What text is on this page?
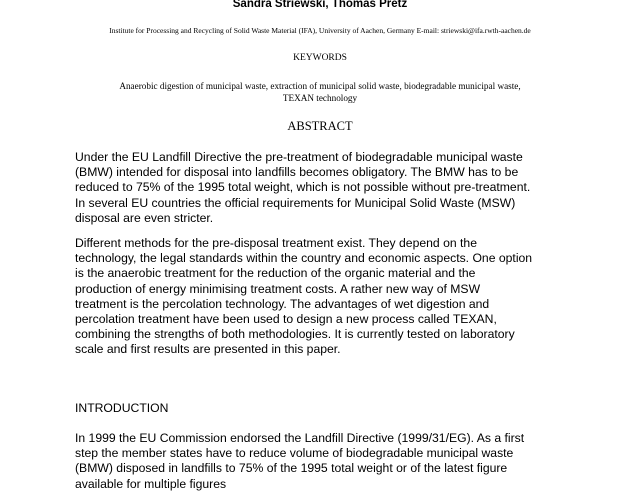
Sandra Striewski, Thomas Pretz
Institute for Processing and Recycling of Solid Waste Material (IFA), University of Aachen, Germany E-mail: striewski@ifa.rwth-aachen.de
KEYWORDS
Anaerobic digestion of municipal waste, extraction of municipal solid waste, biodegradable municipal waste,
TEXAN technology
ABSTRACT
Under the EU Landfill Directive the pre-treatment of biodegradable municipal waste
(BMW) intended for disposal into landfills becomes obligatory. The BMW has to be
reduced to 75% of the 1995 total weight, which is not possible without pre-treatment.
In several EU countries the official requirements for Municipal Solid Waste (MSW)
disposal are even stricter.
Different methods for the pre-disposal treatment exist. They depend on the
technology, the legal standards within the country and economic aspects. One option
is the anaerobic treatment for the reduction of the organic material and the
production of energy minimising treatment costs. A rather new way of MSW
treatment is the percolation technology. The advantages of wet digestion and
percolation treatment have been used to design a new process called TEXAN,
combining the strengths of both methodologies. It is currently tested on laboratory
scale and first results are presented in this paper.
INTRODUCTION
In 1999 the EU Commission endorsed the Landfill Directive (1999/31/EG). As a first
step the member states have to reduce volume of biodegradable municipal waste
(BMW) disposed in landfills to 75% of the 1995 total weight or of the latest figure
available for multiple figures
